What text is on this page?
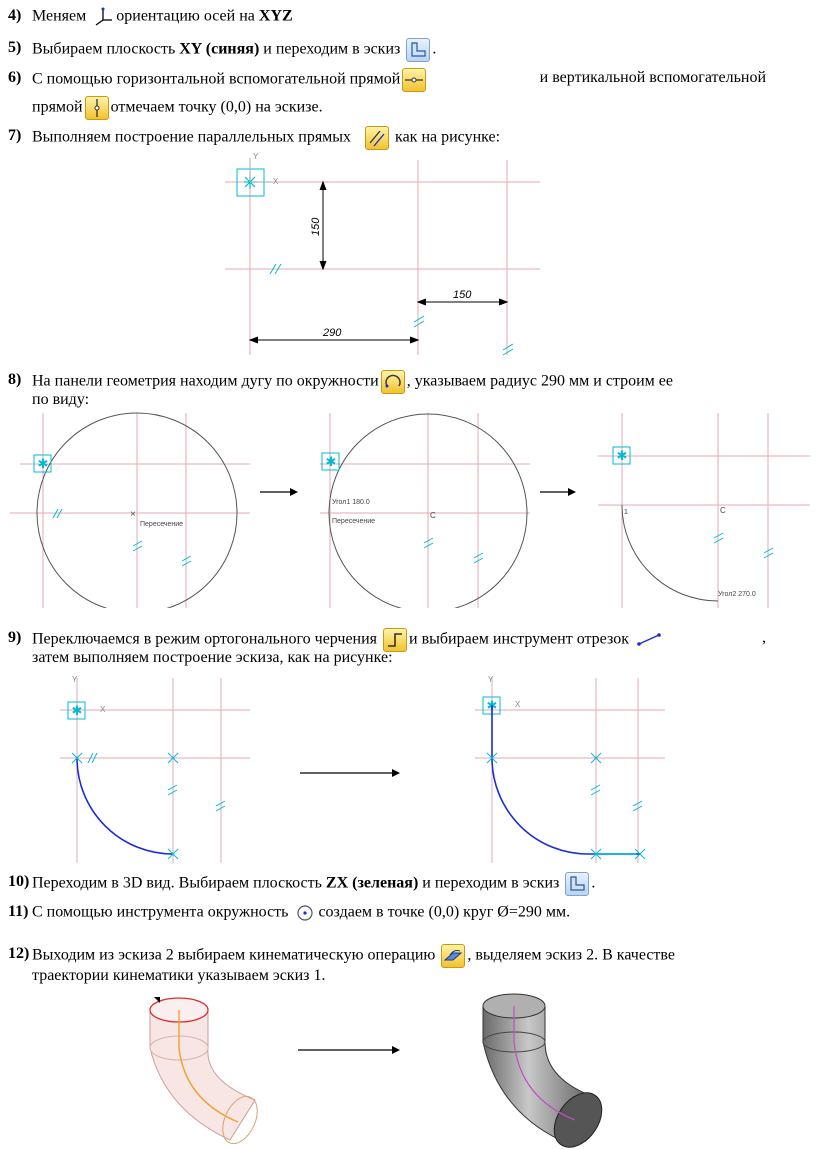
4) Меняем
ориентацию осей на XYZ
5) Выбираем плоскость XY (синяя) и переходим в эскиз
.
6) С помощью горизонтальной вспомогательной прямой	и вертикальной вспомогательной
прямой отмечаем точку (0,0) на эскизе.
7) Выполняем построение параллельных прямых	как на рисунке:
Y
X
150
150
290
8) На панели геометрия находим дугу по окружности , указываем радиус 290 мм и строим ее
по виду:
✱
×
Пересечение
✱
Угол1 180.0
Пересечение
C
✱
1	C
Угол2 270.0
9) Переключаемся в режим ортогонального черчения
и выбираем инструмент отрезок	,
затем выполняем построение эскиза, как на рисунке:
✱
Y
X	✱
Y
X
10) Переходим в 3D вид. Выбираем плоскость ZX (зеленая) и переходим в эскиз
.
11) С помощью инструмента окружность
создаем в точке (0,0) круг Ø=290 мм.
12) Выходим из эскиза 2 выбираем кинематическую операцию
, выделяем эскиз 2. В качестве
траектории кинематики указываем эскиз 1.
